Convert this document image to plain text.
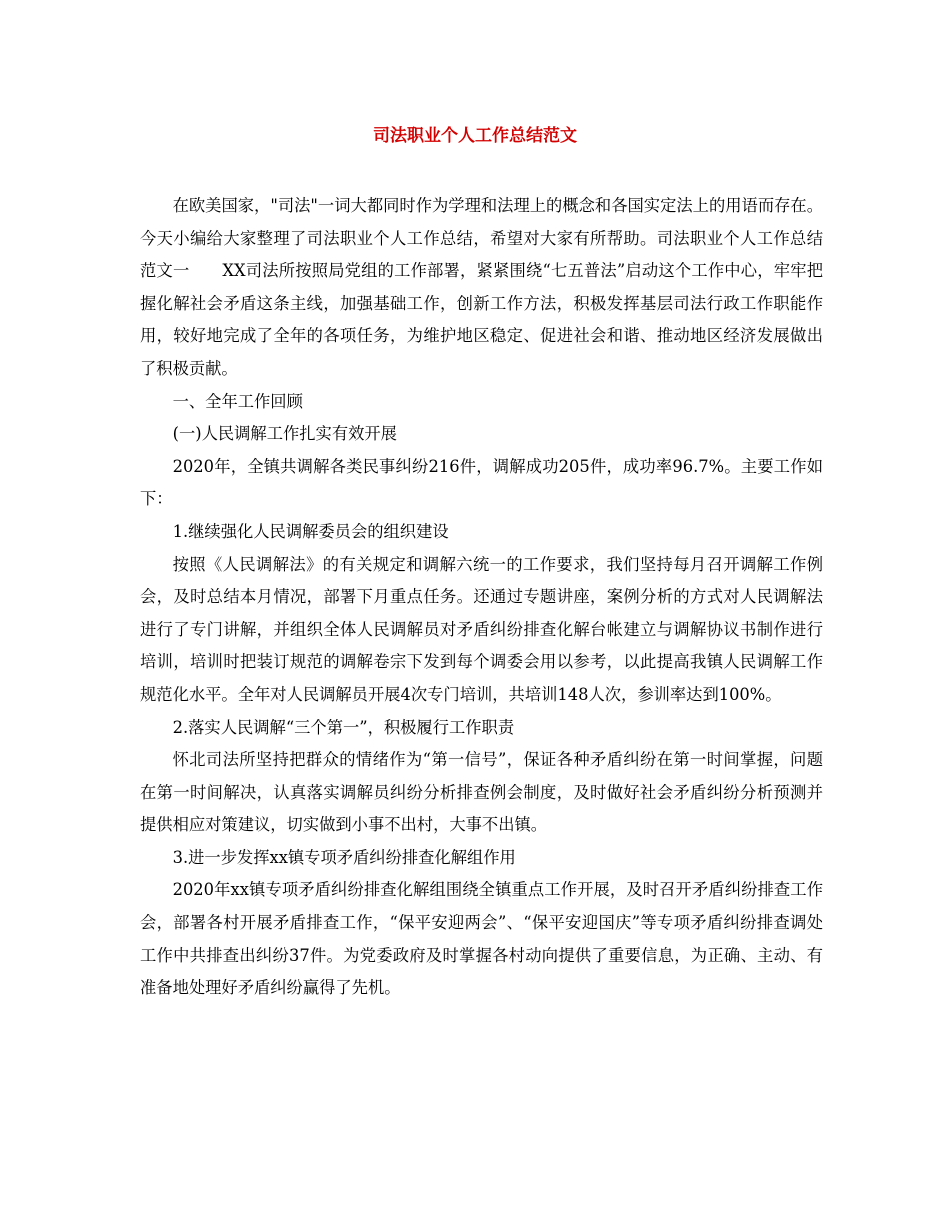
司法职业个人工作总结范文

在欧美国家，"司法"一词大都同时作为学理和法理上的概念和各国实定法上的用语而存在。今天小编给大家整理了司法职业个人工作总结，希望对大家有所帮助。司法职业个人工作总结范文一　　XX司法所按照局党组的工作部署，紧紧围绕“七五普法”启动这个工作中心，牢牢把握化解社会矛盾这条主线，加强基础工作，创新工作方法，积极发挥基层司法行政工作职能作用，较好地完成了全年的各项任务，为维护地区稳定、促进社会和谐、推动地区经济发展做出了积极贡献。

一、全年工作回顾

(一)人民调解工作扎实有效开展

2020年，全镇共调解各类民事纠纷216件，调解成功205件，成功率96.7%。主要工作如下：

1.继续强化人民调解委员会的组织建设

按照《人民调解法》的有关规定和调解六统一的工作要求，我们坚持每月召开调解工作例会，及时总结本月情况，部署下月重点任务。还通过专题讲座，案例分析的方式对人民调解法进行了专门讲解，并组织全体人民调解员对矛盾纠纷排查化解台帐建立与调解协议书制作进行培训，培训时把装订规范的调解卷宗下发到每个调委会用以参考，以此提高我镇人民调解工作规范化水平。全年对人民调解员开展4次专门培训，共培训148人次，参训率达到100%。

2.落实人民调解“三个第一”，积极履行工作职责

怀北司法所坚持把群众的情绪作为“第一信号”，保证各种矛盾纠纷在第一时间掌握，问题在第一时间解决，认真落实调解员纠纷分析排查例会制度，及时做好社会矛盾纠纷分析预测并提供相应对策建议，切实做到小事不出村，大事不出镇。

3.进一步发挥xx镇专项矛盾纠纷排查化解组作用

2020年xx镇专项矛盾纠纷排查化解组围绕全镇重点工作开展，及时召开矛盾纠纷排查工作会，部署各村开展矛盾排查工作，“保平安迎两会”、“保平安迎国庆”等专项矛盾纠纷排查调处工作中共排查出纠纷37件。为党委政府及时掌握各村动向提供了重要信息，为正确、主动、有准备地处理好矛盾纠纷赢得了先机。
